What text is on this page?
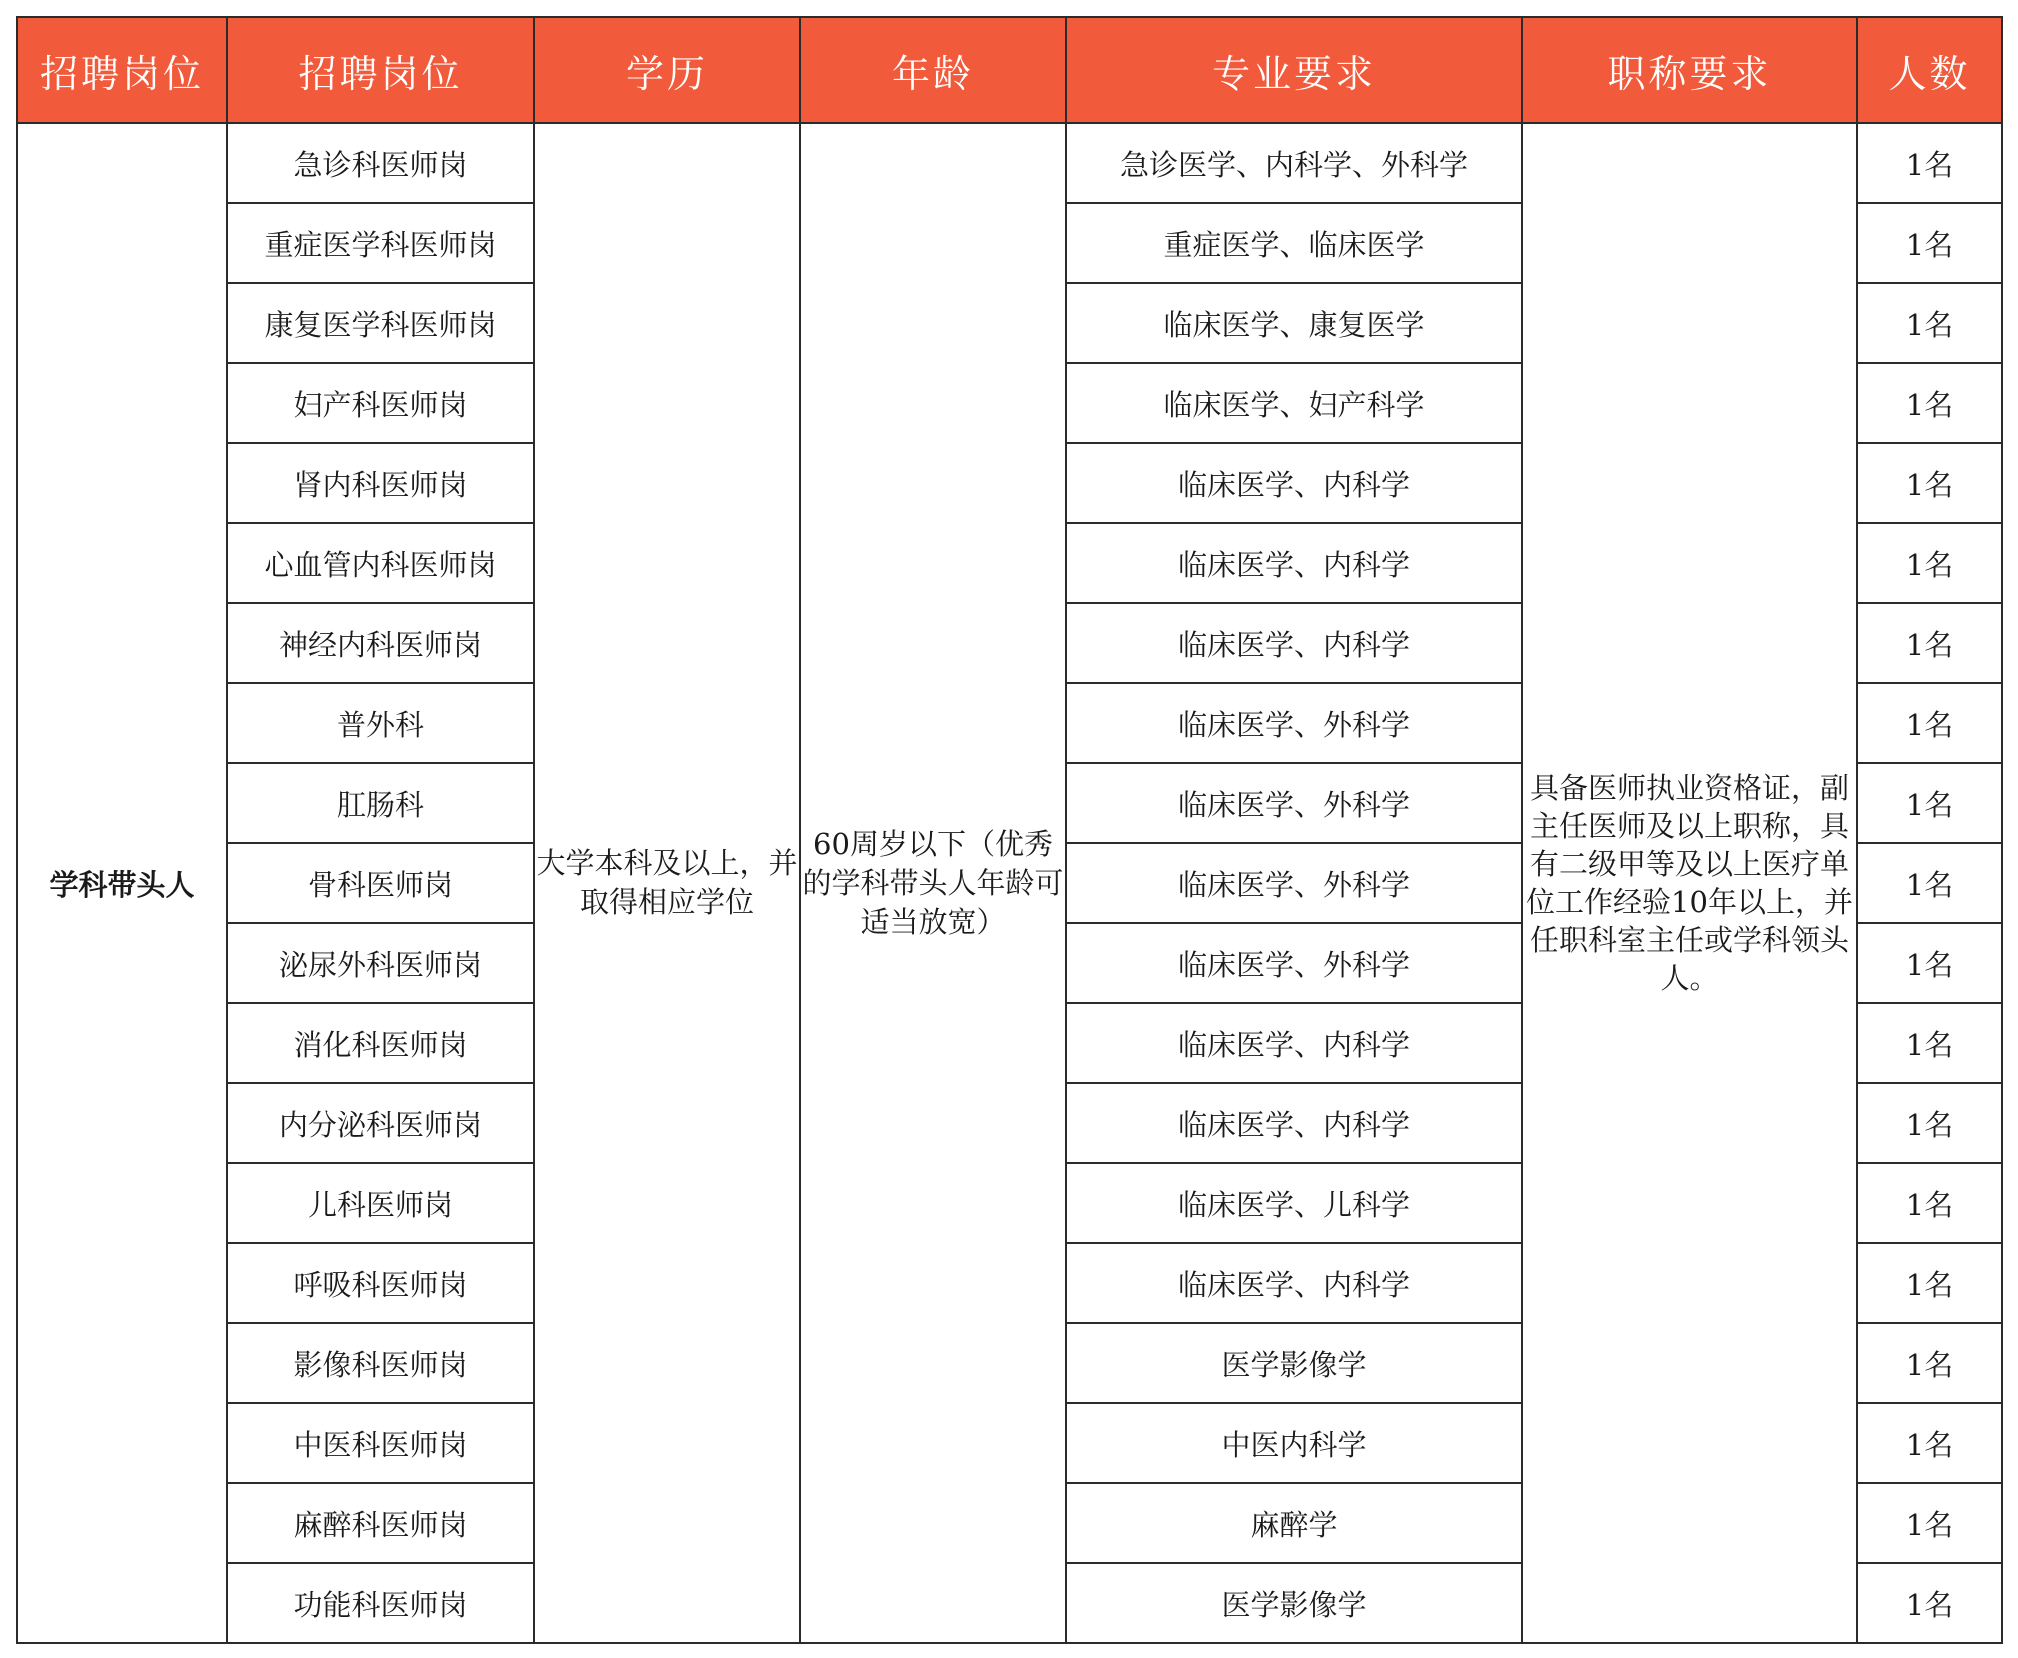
招聘岗位	招聘岗位	学历	年龄	专业要求	职称要求	人数
学科带头人	急诊科医师岗	大学本科及以上，并取得相应学位	60周岁以下（优秀的学科带头人年龄可适当放宽）	急诊医学、内科学、外科学	具备医师执业资格证，副主任医师及以上职称，具有二级甲等及以上医疗单位工作经验10年以上，并任职科室主任或学科领头人。	1名
	重症医学科医师岗			重症医学、临床医学		1名
	康复医学科医师岗			临床医学、康复医学		1名
	妇产科医师岗			临床医学、妇产科学		1名
	肾内科医师岗			临床医学、内科学		1名
	心血管内科医师岗			临床医学、内科学		1名
	神经内科医师岗			临床医学、内科学		1名
	普外科			临床医学、外科学		1名
	肛肠科			临床医学、外科学		1名
	骨科医师岗			临床医学、外科学		1名
	泌尿外科医师岗			临床医学、外科学		1名
	消化科医师岗			临床医学、内科学		1名
	内分泌科医师岗			临床医学、内科学		1名
	儿科医师岗			临床医学、儿科学		1名
	呼吸科医师岗			临床医学、内科学		1名
	影像科医师岗			医学影像学		1名
	中医科医师岗			中医内科学		1名
	麻醉科医师岗			麻醉学		1名
	功能科医师岗			医学影像学		1名
